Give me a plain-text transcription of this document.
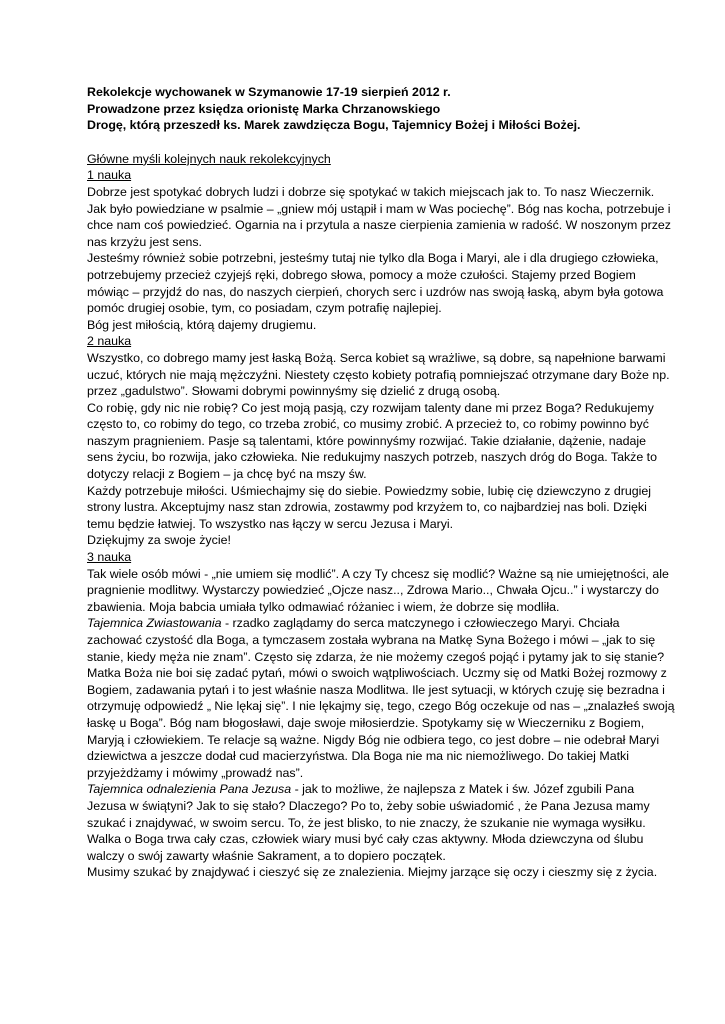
Rekolekcje wychowanek w Szymanowie 17-19 sierpień 2012 r.

Prowadzone przez księdza orionistę Marka Chrzanowskiego

Drogę, którą przeszedł ks. Marek zawdzięcza Bogu, Tajemnicy Bożej i Miłości Bożej.

Główne myśli kolejnych nauk rekolekcyjnych

1 nauka

Dobrze jest spotykać dobrych ludzi i dobrze się spotykać w takich miejscach jak to. To nasz Wieczernik. Jak było powiedziane w psalmie – „gniew mój ustąpił i mam w Was pociechę”. Bóg nas kocha, potrzebuje i chce nam coś powiedzieć. Ogarnia na i przytula a nasze cierpienia zamienia w radość. W noszonym przez nas krzyżu jest sens.

Jesteśmy również sobie potrzebni, jesteśmy tutaj nie tylko dla Boga i Maryi, ale i dla drugiego człowieka, potrzebujemy przecież czyjejś ręki, dobrego słowa, pomocy a może czułości. Stajemy przed Bogiem mówiąc – przyjdź do nas, do naszych cierpień, chorych serc i uzdrów nas swoją łaską, abym była gotowa pomóc drugiej osobie, tym, co posiadam, czym potrafię najlepiej.

Bóg jest miłością, którą dajemy drugiemu.

2 nauka

Wszystko, co dobrego mamy jest łaską Bożą. Serca kobiet są wrażliwe, są dobre, są napełnione barwami uczuć, których nie mają mężczyźni. Niestety często kobiety potrafią pomniejszać otrzymane dary Boże np. przez „gadulstwo”. Słowami dobrymi powinnyśmy się dzielić z drugą osobą.

Co robię, gdy nic nie robię? Co jest moją pasją, czy rozwijam talenty dane mi przez Boga? Redukujemy często to, co robimy do tego, co trzeba zrobić, co musimy zrobić. A przecież to, co robimy powinno być naszym pragnieniem. Pasje są talentami, które powinnyśmy rozwijać. Takie działanie, dążenie, nadaje sens życiu, bo rozwija, jako człowieka. Nie redukujmy naszych potrzeb, naszych dróg do Boga. Także to dotyczy relacji z Bogiem – ja chcę być na mszy św.

Każdy potrzebuje miłości. Uśmiechajmy się do siebie. Powiedzmy sobie, lubię cię dziewczyno z drugiej strony lustra. Akceptujmy nasz stan zdrowia, zostawmy pod krzyżem to, co najbardziej nas boli. Dzięki temu będzie łatwiej. To wszystko nas łączy w sercu Jezusa i Maryi.

Dziękujmy za swoje życie!

3 nauka

Tak wiele osób mówi - „nie umiem się modlić”. A czy Ty chcesz się modlić? Ważne są nie umiejętności, ale pragnienie modlitwy. Wystarczy powiedzieć „Ojcze nasz.., Zdrowa Mario.., Chwała Ojcu..” i wystarczy do zbawienia. Moja babcia umiała tylko odmawiać różaniec i wiem, że dobrze się modliła.

Tajemnica Zwiastowania - rzadko zaglądamy do serca matczynego i człowieczego Maryi. Chciała zachować czystość dla Boga, a tymczasem została wybrana na Matkę Syna Bożego i mówi – „jak to się stanie, kiedy męża nie znam”. Często się zdarza, że nie możemy czegoś pojąć i pytamy jak to się stanie? Matka Boża nie boi się zadać pytań, mówi o swoich wątpliwościach. Uczmy się od Matki Bożej rozmowy z Bogiem, zadawania pytań i to jest właśnie nasza Modlitwa. Ile jest sytuacji, w których czuję się bezradna i otrzymuję odpowiedź „ Nie lękaj się”. I nie lękajmy się, tego, czego Bóg oczekuje od nas – „znalazłeś swoją łaskę u Boga”. Bóg nam błogosławi, daje swoje miłosierdzie. Spotykamy się w Wieczerniku z Bogiem, Maryją i człowiekiem. Te relacje są ważne. Nigdy Bóg nie odbiera tego, co jest dobre – nie odebrał Maryi dziewictwa a jeszcze dodał cud macierzyństwa. Dla Boga nie ma nic niemożliwego. Do takiej Matki przyjeżdżamy i mówimy „prowadź nas”.

Tajemnica odnalezienia Pana Jezusa - jak to możliwe, że najlepsza z Matek i św. Józef zgubili Pana Jezusa w świątyni? Jak to się stało? Dlaczego? Po to, żeby sobie uświadomić , że Pana Jezusa mamy szukać i znajdywać, w swoim sercu. To, że jest blisko, to nie znaczy, że szukanie nie wymaga wysiłku. Walka o Boga trwa cały czas, człowiek wiary musi być cały czas aktywny. Młoda dziewczyna od ślubu walczy o swój zawarty właśnie Sakrament, a to dopiero początek.

Musimy szukać by znajdywać i cieszyć się ze znalezienia. Miejmy jarzące się oczy i cieszmy się z życia.
